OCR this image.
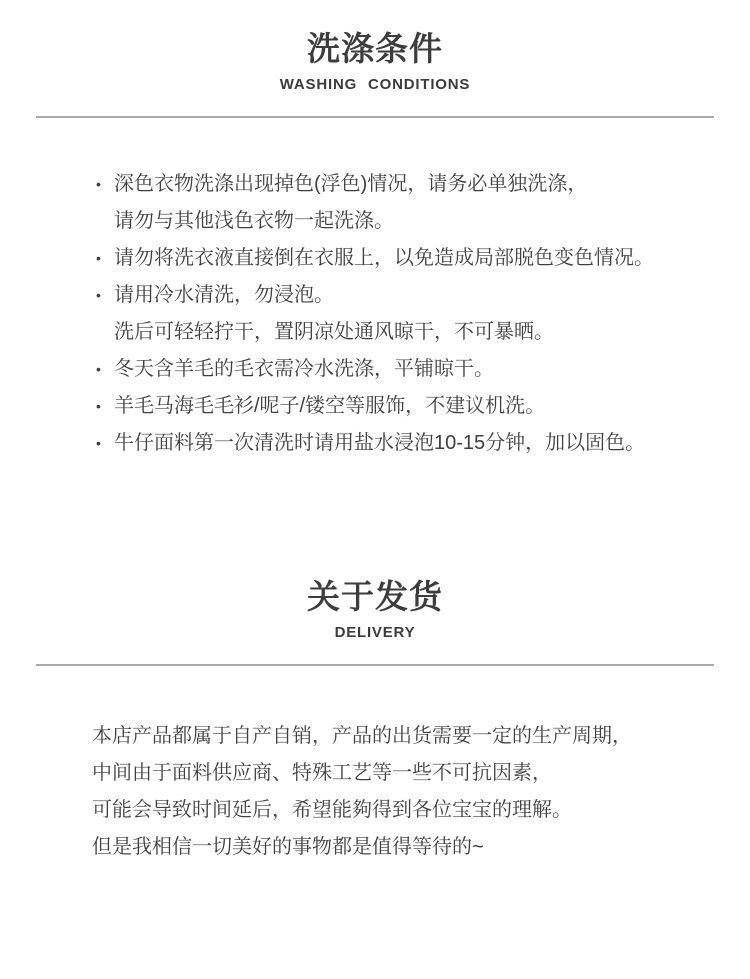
洗涤条件
WASHING CONDITIONS
• 深色衣物洗涤出现掉色(浮色)情况，请务必单独洗涤，
请勿与其他浅色衣物一起洗涤。
• 请勿将洗衣液直接倒在衣服上，以免造成局部脱色变色情况。
• 请用冷水清洗，勿浸泡。
洗后可轻轻拧干，置阴凉处通风晾干，不可暴晒。
• 冬天含羊毛的毛衣需冷水洗涤，平铺晾干。
• 羊毛马海毛毛衫/呢子/镂空等服饰，不建议机洗。
• 牛仔面料第一次清洗时请用盐水浸泡10-15分钟，加以固色。
关于发货
DELIVERY
本店产品都属于自产自销，产品的出货需要一定的生产周期，
中间由于面料供应商、特殊工艺等一些不可抗因素，
可能会导致时间延后，希望能夠得到各位宝宝的理解。
但是我相信一切美好的事物都是值得等待的~
